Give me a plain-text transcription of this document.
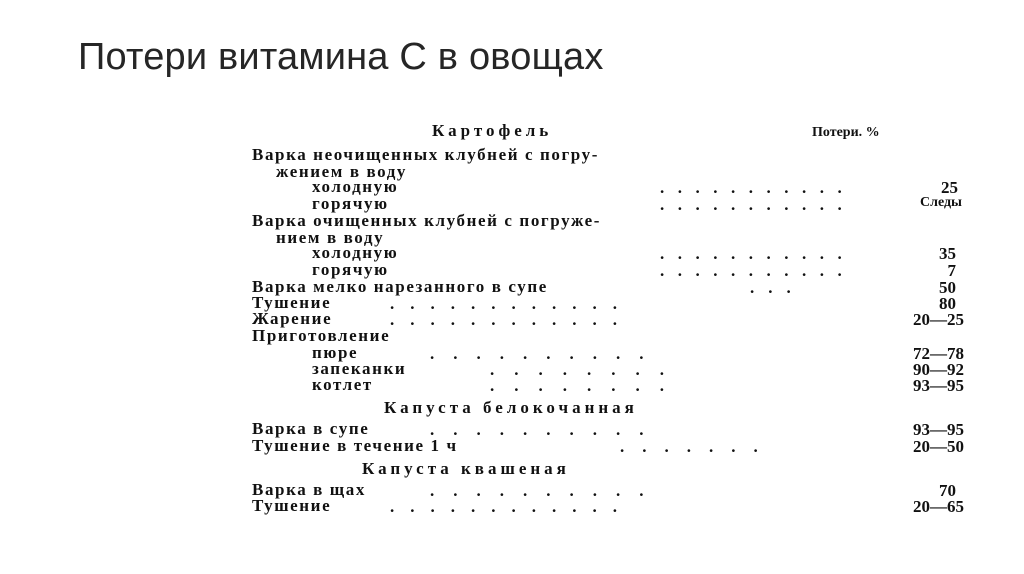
Потери витамина С в овощах
Картофель	Потери. %
Варка неочищенных клубней с погру-
жением в воду
холодную	...........	25
горячую	...........	Следы
Варка очищенных клубней с погруже-
нием в воду
холодную	...........	35
горячую	...........	7
Варка мелко нарезанного в супе	...	50
Тушение	............	80
Жарение	............	20—25
Приготовление
пюре	..........	72—78
запеканки	........	90—92
котлет	........	93—95
Капуста белокочанная
Варка в супе	..........	93—95
Тушение в течение 1 ч	.......	20—50
Капуста квашеная
Варка в щах	..........	70
Тушение	............	20—65
